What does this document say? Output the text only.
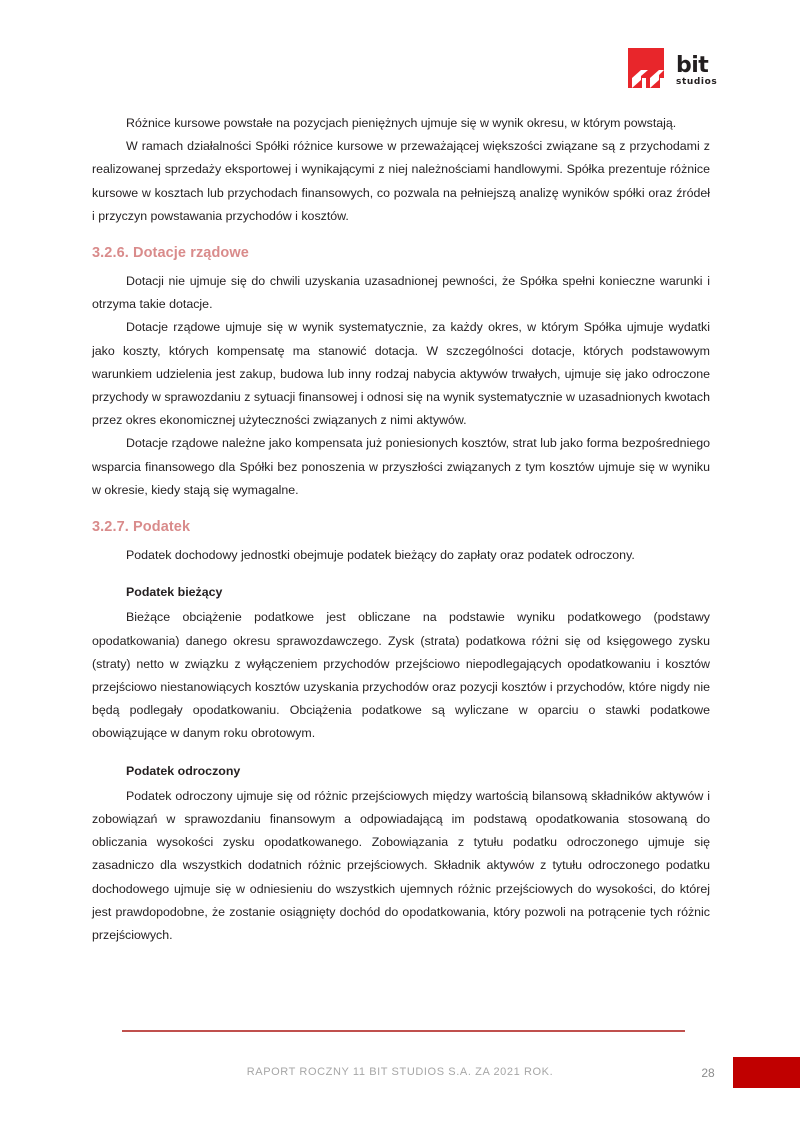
bit
studios

Różnice kursowe powstałe na pozycjach pieniężnych ujmuje się w wynik okresu, w którym powstają.

W ramach działalności Spółki różnice kursowe w przeważającej większości związane są z przychodami z realizowanej sprzedaży eksportowej i wynikającymi z niej należnościami handlowymi. Spółka prezentuje różnice kursowe w kosztach lub przychodach finansowych, co pozwala na pełniejszą analizę wyników spółki oraz źródeł i przyczyn powstawania przychodów i kosztów.

3.2.6. Dotacje rządowe

Dotacji nie ujmuje się do chwili uzyskania uzasadnionej pewności, że Spółka spełni konieczne warunki i otrzyma takie dotacje.

Dotacje rządowe ujmuje się w wynik systematycznie, za każdy okres, w którym Spółka ujmuje wydatki jako koszty, których kompensatę ma stanowić dotacja. W szczególności dotacje, których podstawowym warunkiem udzielenia jest zakup, budowa lub inny rodzaj nabycia aktywów trwałych, ujmuje się jako odroczone przychody w sprawozdaniu z sytuacji finansowej i odnosi się na wynik systematycznie w uzasadnionych kwotach przez okres ekonomicznej użyteczności związanych z nimi aktywów.

Dotacje rządowe należne jako kompensata już poniesionych kosztów, strat lub jako forma bezpośredniego wsparcia finansowego dla Spółki bez ponoszenia w przyszłości związanych z tym kosztów ujmuje się w wyniku w okresie, kiedy stają się wymagalne.

3.2.7. Podatek

Podatek dochodowy jednostki obejmuje podatek bieżący do zapłaty oraz podatek odroczony.

Podatek bieżący

Bieżące obciążenie podatkowe jest obliczane na podstawie wyniku podatkowego (podstawy opodatkowania) danego okresu sprawozdawczego. Zysk (strata) podatkowa różni się od księgowego zysku (straty) netto w związku z wyłączeniem przychodów przejściowo niepodlegających opodatkowaniu i kosztów przejściowo niestanowiących kosztów uzyskania przychodów oraz pozycji kosztów i przychodów, które nigdy nie będą podlegały opodatkowaniu. Obciążenia podatkowe są wyliczane w oparciu o stawki podatkowe obowiązujące w danym roku obrotowym.

Podatek odroczony

Podatek odroczony ujmuje się od różnic przejściowych między wartością bilansową składników aktywów i zobowiązań w sprawozdaniu finansowym a odpowiadającą im podstawą opodatkowania stosowaną do obliczania wysokości zysku opodatkowanego. Zobowiązania z tytułu podatku odroczonego ujmuje się zasadniczo dla wszystkich dodatnich różnic przejściowych. Składnik aktywów z tytułu odroczonego podatku dochodowego ujmuje się w odniesieniu do wszystkich ujemnych różnic przejściowych do wysokości, do której jest prawdopodobne, że zostanie osiągnięty dochód do opodatkowania, który pozwoli na potrącenie tych różnic przejściowych.

RAPORT ROCZNY 11 BIT STUDIOS S.A. ZA 2021 ROK.	28
